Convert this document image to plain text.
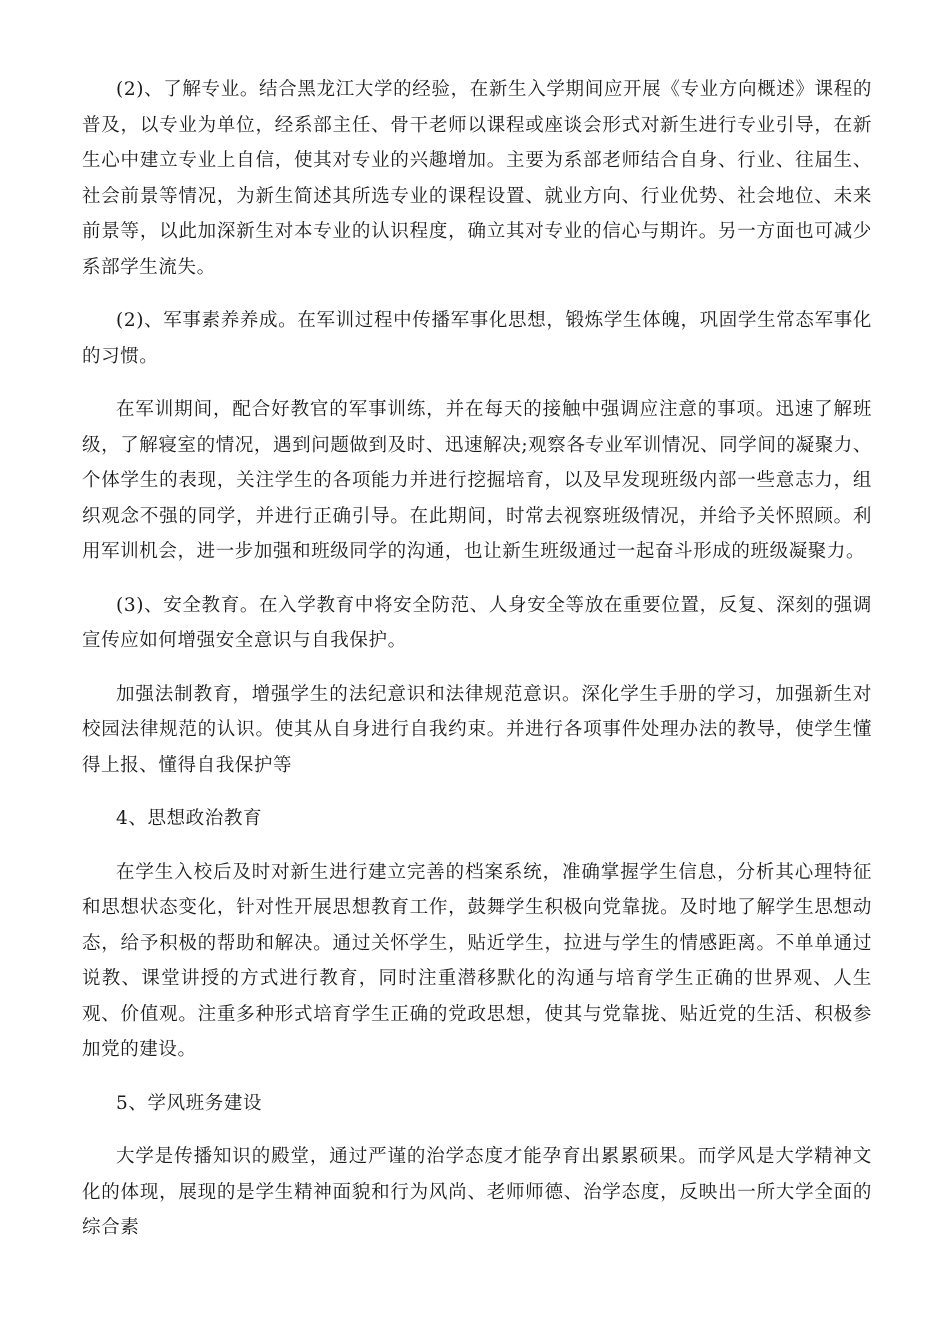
(2)、了解专业。结合黑龙江大学的经验，在新生入学期间应开展《专业方向概述》课程的普及，以专业为单位，经系部主任、骨干老师以课程或座谈会形式对新生进行专业引导，在新生心中建立专业上自信，使其对专业的兴趣增加。主要为系部老师结合自身、行业、往届生、社会前景等情况，为新生简述其所选专业的课程设置、就业方向、行业优势、社会地位、未来前景等，以此加深新生对本专业的认识程度，确立其对专业的信心与期许。另一方面也可减少系部学生流失。

(2)、军事素养养成。在军训过程中传播军事化思想，锻炼学生体魄，巩固学生常态军事化的习惯。

在军训期间，配合好教官的军事训练，并在每天的接触中强调应注意的事项。迅速了解班级，了解寝室的情况，遇到问题做到及时、迅速解决;观察各专业军训情况、同学间的凝聚力、个体学生的表现，关注学生的各项能力并进行挖掘培育，以及早发现班级内部一些意志力，组织观念不强的同学，并进行正确引导。在此期间，时常去视察班级情况，并给予关怀照顾。利用军训机会，进一步加强和班级同学的沟通，也让新生班级通过一起奋斗形成的班级凝聚力。

(3)、安全教育。在入学教育中将安全防范、人身安全等放在重要位置，反复、深刻的强调宣传应如何增强安全意识与自我保护。

加强法制教育，增强学生的法纪意识和法律规范意识。深化学生手册的学习，加强新生对校园法律规范的认识。使其从自身进行自我约束。并进行各项事件处理办法的教导，使学生懂得上报、懂得自我保护等

4、思想政治教育

在学生入校后及时对新生进行建立完善的档案系统，准确掌握学生信息，分析其心理特征和思想状态变化，针对性开展思想教育工作，鼓舞学生积极向党靠拢。及时地了解学生思想动态，给予积极的帮助和解决。通过关怀学生，贴近学生，拉进与学生的情感距离。不单单通过说教、课堂讲授的方式进行教育，同时注重潜移默化的沟通与培育学生正确的世界观、人生观、价值观。注重多种形式培育学生正确的党政思想，使其与党靠拢、贴近党的生活、积极参加党的建设。

5、学风班务建设

大学是传播知识的殿堂，通过严谨的治学态度才能孕育出累累硕果。而学风是大学精神文化的体现，展现的是学生精神面貌和行为风尚、老师师德、治学态度，反映出一所大学全面的综合素
